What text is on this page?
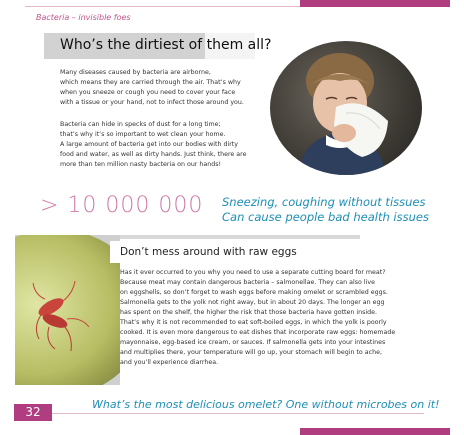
Bacteria – invisible foes
Who’s the dirtiest of them all?
Many diseases caused by bacteria are airborne,
which means they are carried through the air. That’s why
when you sneeze or cough you need to cover your face
with a tissue or your hand, not to infect those around you.
Bacteria can hide in specks of dust for a long time;
that’s why it’s so important to wet clean your home.
A large amount of bacteria get into our bodies with dirty
food and water, as well as dirty hands. Just think, there are
more than ten million nasty bacteria on our hands!
> 10 000 000 Sneezing, coughing without tissues
Can cause people bad health issues
Don’t mess around with raw eggs
Has it ever occurred to you why you need to use a separate cutting board for meat?
Because meat may contain dangerous bacteria – salmonellae. They can also live
on eggshells, so don’t forget to wash eggs before making omelet or scrambled eggs.
Salmonella gets to the yolk not right away, but in about 20 days. The longer an egg
has spent on the shelf, the higher the risk that those bacteria have gotten inside.
That’s why it is not recommended to eat soft-boiled eggs, in which the yolk is poorly
cooked. It is even more dangerous to eat dishes that incorporate raw eggs: homemade
mayonnaise, egg-based ice cream, or sauces. If salmonella gets into your intestines
and multiplies there, your temperature will go up, your stomach will begin to ache,
and you’ll experience diarrhea.
32
What’s the most delicious omelet? One without microbes on it!
